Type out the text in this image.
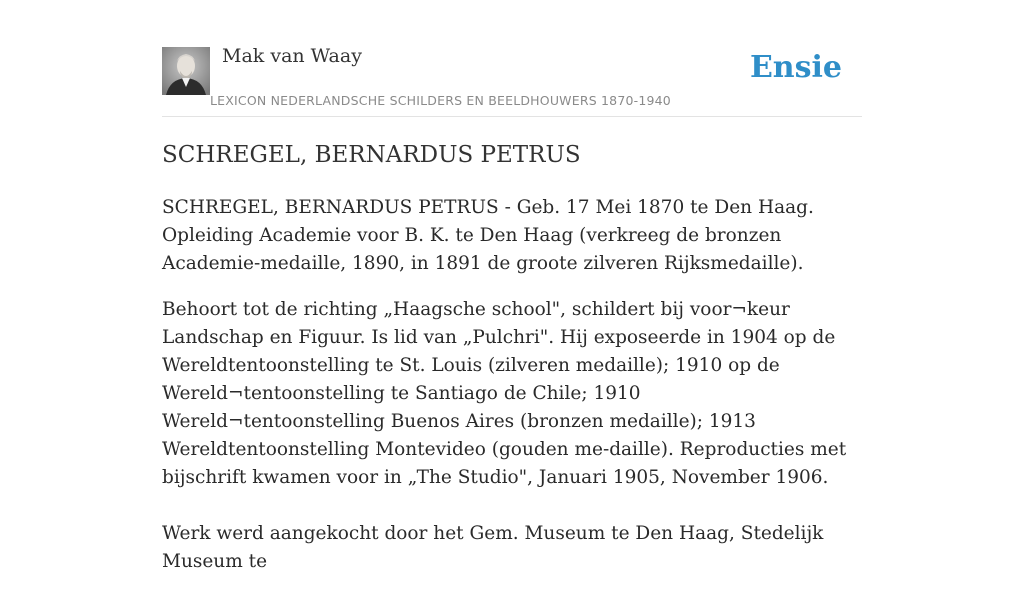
Mak van Waay
LEXICON NEDERLANDSCHE SCHILDERS EN BEELDHOUWERS 1870-1940
Ensie
SCHREGEL, BERNARDUS PETRUS

SCHREGEL, BERNARDUS PETRUS - Geb. 17 Mei 1870 te Den Haag. Opleiding Academie voor B. K. te Den Haag (verkreeg de bronzen Academie-medaille, 1890, in 1891 de groote zilveren Rijksmedaille).

Behoort tot de richting „Haagsche school", schildert bij voor¬keur Landschap en Figuur. Is lid van „Pulchri". Hij exposeerde in 1904 op de Wereldtentoonstelling te St. Louis (zilveren medaille); 1910 op de Wereld¬tentoonstelling te Santiago de Chile; 1910 Wereld¬tentoonstelling Buenos Aires (bronzen medaille); 1913 Wereldtentoonstelling Montevideo (gouden me-daille). Reproducties met bijschrift kwamen voor in „The Studio", Januari 1905, November 1906.

Werk werd aangekocht door het Gem. Museum te Den Haag, Stedelijk Museum te
